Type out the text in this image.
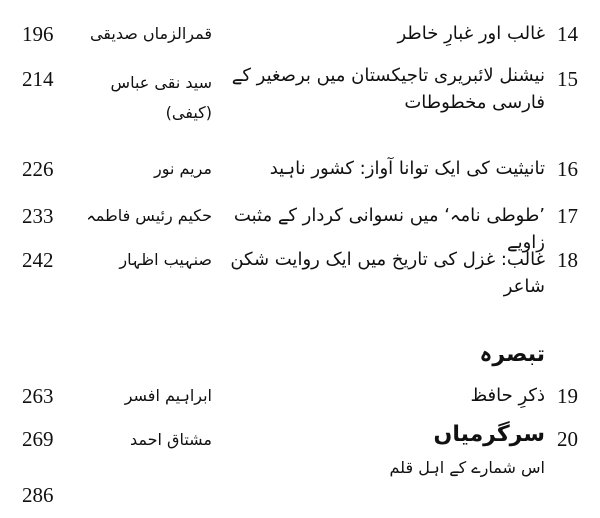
14
غالب اور غبارِ خاطر
قمرالزماں صدیقی
196
15
نیشنل لائبریری تاجیکستان میں برصغیر کے فارسی مخطوطات
سید نقی عباس (کیفی)
214
16
تانیثیت کی ایک توانا آواز: کشور ناہید
مریم نور
226
17
’طوطی نامہ‘ میں نسوانی کردار کے مثبت زاویے
حکیم رئیس فاطمہ
233
18
غالب: غزل کی تاریخ میں ایک روایت شکن شاعر
صنہیب اظہار
242
تبصرہ
19
ذکرِ حافظ
ابراہیم افسر
263
20
سرگرمیاں
مشتاق احمد
269
اس شمارے کے اہل قلم
286
